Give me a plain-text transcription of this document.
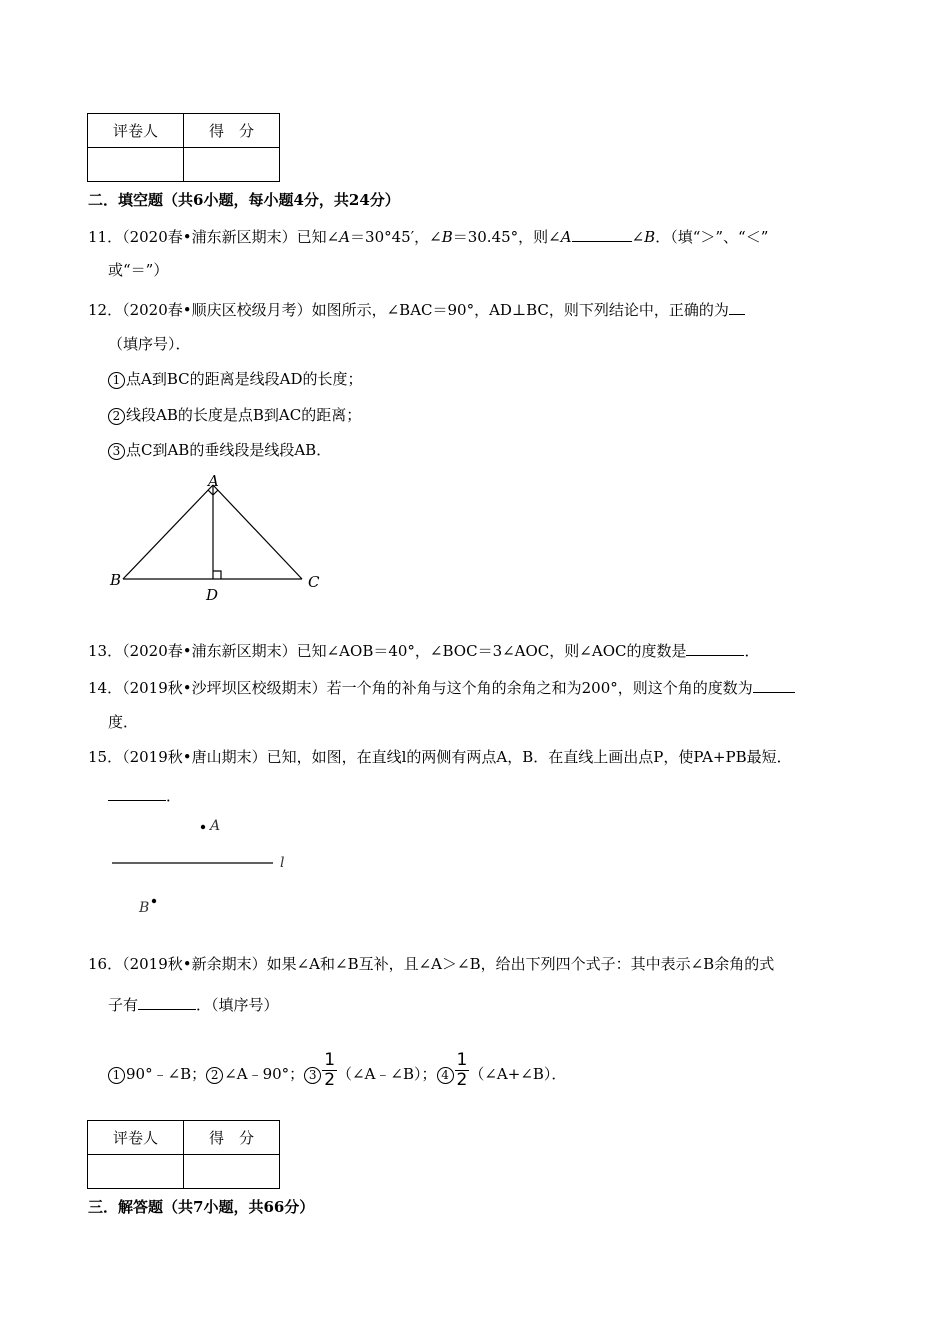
评卷人	得　分

二．填空题（共6小题，每小题4分，共24分）
11．（2020春•浦东新区期末）已知∠A＝30°45′，∠B＝30.45°，则∠A	∠B．（填“＞”、“＜”
或“＝”）
12．（2020春•顺庆区校级月考）如图所示，∠BAC＝90°，AD⊥BC，则下列结论中，正确的为
（填序号）．
1 点A到BC的距离是线段AD的长度；
2 线段AB的长度是点B到AC的距离；
3 点C到AB的垂线段是线段AB．
A
B	C
D
13．（2020春•浦东新区期末）已知∠AOB＝40°，∠BOC＝3∠AOC，则∠AOC的度数是	．
14．（2019秋•沙坪坝区校级期末）若一个角的补角与这个角的余角之和为200°，则这个角的度数为
度．
15．（2019秋•唐山期末）已知，如图，在直线l的两侧有两点A，B．在直线上画出点P，使PA+PB最短．
．
A
l
B
16．（2019秋•新余期末）如果∠A和∠B互补，且∠A＞∠B，给出下列四个式子：其中表示∠B余角的式
子有	．（填序号）
1 90°﹣∠B； 2 ∠A﹣90°； $3 \frac{1}{2}$ （∠A﹣∠B）； $4 \frac{1}{2}$ （∠A+∠B）．
评卷人	得　分

三．解答题（共7小题，共66分）
